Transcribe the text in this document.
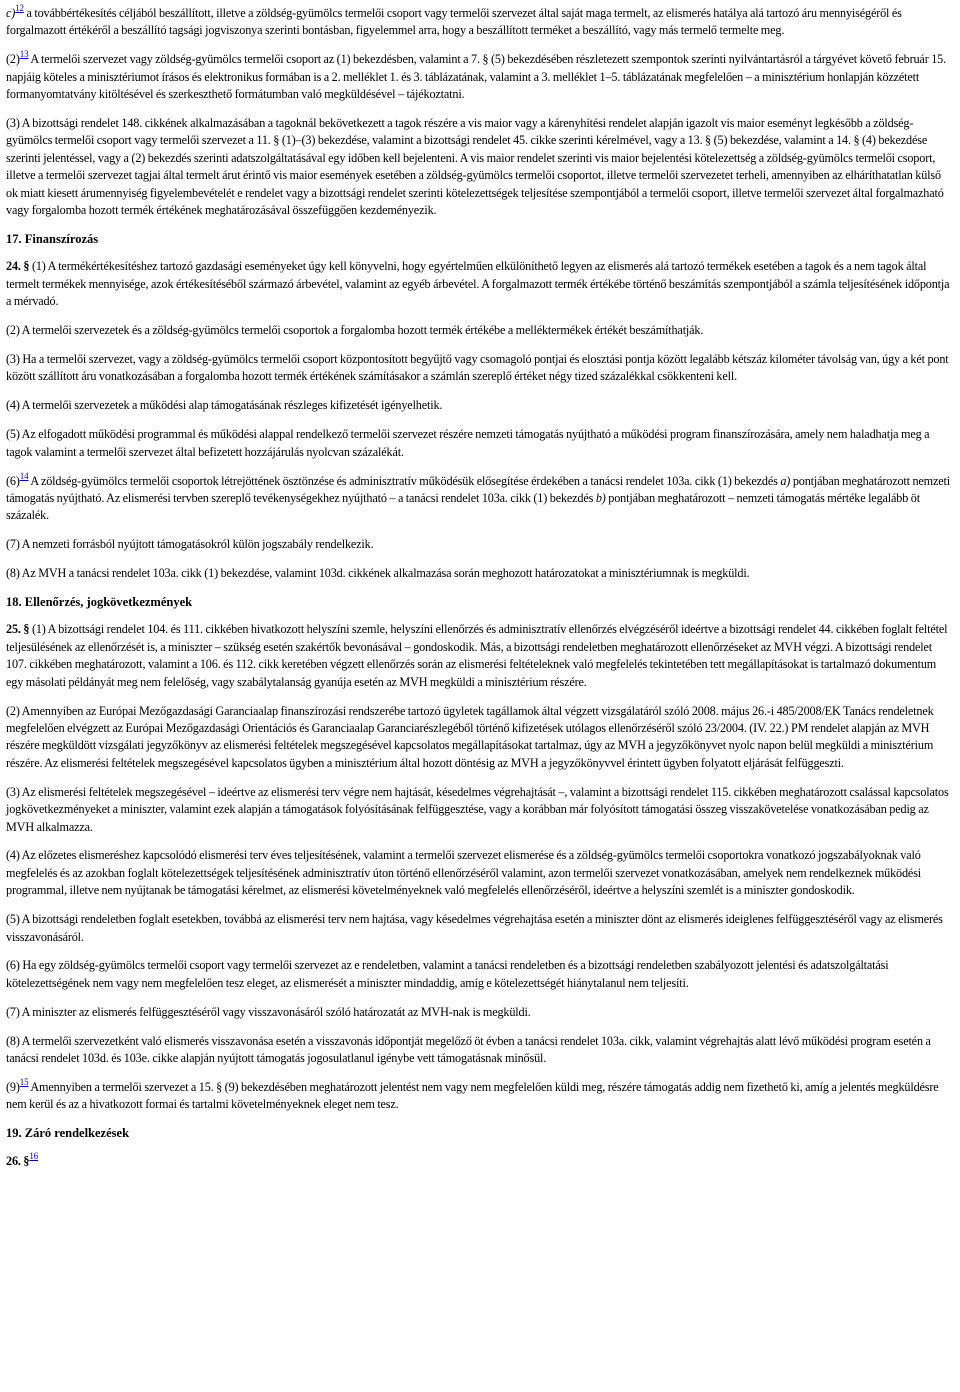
c)$^{12}$ a továbbértékesítés céljából beszállított, illetve a zöldség-gyümölcs termelői csoport vagy termelői szervezet által saját maga termelt, az elismerés hatálya alá tartozó áru mennyiségéről és forgalmazott értékéről a beszállító tagsági jogviszonya szerinti bontásban, figyelemmel arra, hogy a beszállított terméket a beszállító, vagy más termelő termelte meg.

(2)$^{13}$ A termelői szervezet vagy zöldség-gyümölcs termelői csoport az (1) bekezdésben, valamint a 7. § (5) bekezdésében részletezett szempontok szerinti nyilvántartásról a tárgyévet követő február 15. napjáig köteles a minisztériumot írásos és elektronikus formában is a 2. melléklet 1. és 3. táblázatának, valamint a 3. melléklet 1–5. táblázatának megfelelően – a minisztérium honlapján közzétett formanyomtatvány kitöltésével és szerkeszthető formátumban való megküldésével – tájékoztatni.

(3) A bizottsági rendelet 148. cikkének alkalmazásában a tagoknál bekövetkezett a tagok részére a vis maior vagy a kárenyhítési rendelet alapján igazolt vis maior eseményt legkésőbb a zöldség-gyümölcs termelői csoport vagy termelői szervezet a 11. § (1)–(3) bekezdése, valamint a bizottsági rendelet 45. cikke szerinti kérelmével, vagy a 13. § (5) bekezdése, valamint a 14. § (4) bekezdése szerinti jelentéssel, vagy a (2) bekezdés szerinti adatszolgáltatásával egy időben kell bejelenteni. A vis maior rendelet szerinti vis maior bejelentési kötelezettség a zöldség-gyümölcs termelői csoport, illetve a termelői szervezet tagjai által termelt árut érintő vis maior események esetében a zöldség-gyümölcs termelői csoportot, illetve termelői szervezetet terheli, amennyiben az elháríthatatlan külső ok miatt kiesett árumennyiség figyelembevételét e rendelet vagy a bizottsági rendelet szerinti kötelezettségek teljesítése szempontjából a termelői csoport, illetve termelői szervezet által forgalmazható vagy forgalomba hozott termék értékének meghatározásával összefüggően kezdeményezik.

17. Finanszírozás

24. § (1) A termékértékesítéshez tartozó gazdasági eseményeket úgy kell könyvelni, hogy egyértelműen elkülöníthető legyen az elismerés alá tartozó termékek esetében a tagok és a nem tagok által termelt termékek mennyisége, azok értékesítéséből származó árbevétel, valamint az egyéb árbevétel. A forgalmazott termék értékébe történő beszámítás szempontjából a számla teljesítésének időpontja a mérvadó.

(2) A termelői szervezetek és a zöldség-gyümölcs termelői csoportok a forgalomba hozott termék értékébe a melléktermékek értékét beszámíthatják.

(3) Ha a termelői szervezet, vagy a zöldség-gyümölcs termelői csoport központosított begyűjtő vagy csomagoló pontjai és elosztási pontja között legalább kétszáz kilométer távolság van, úgy a két pont között szállított áru vonatkozásában a forgalomba hozott termék értékének számításakor a számlán szereplő értéket négy tized százalékkal csökkenteni kell.

(4) A termelői szervezetek a működési alap támogatásának részleges kifizetését igényelhetik.

(5) Az elfogadott működési programmal és működési alappal rendelkező termelői szervezet részére nemzeti támogatás nyújtható a működési program finanszírozására, amely nem haladhatja meg a tagok valamint a termelői szervezet által befizetett hozzájárulás nyolcvan százalékát.

(6)$^{14}$ A zöldség-gyümölcs termelői csoportok létrejöttének ösztönzése és adminisztratív működésük elősegítése érdekében a tanácsi rendelet 103a. cikk (1) bekezdés a) pontjában meghatározott nemzeti támogatás nyújtható. Az elismerési tervben szereplő tevékenységekhez nyújtható – a tanácsi rendelet 103a. cikk (1) bekezdés b) pontjában meghatározott – nemzeti támogatás mértéke legalább öt százalék.

(7) A nemzeti forrásból nyújtott támogatásokról külön jogszabály rendelkezik.

(8) Az MVH a tanácsi rendelet 103a. cikk (1) bekezdése, valamint 103d. cikkének alkalmazása során meghozott határozatokat a minisztériumnak is megküldi.

18. Ellenőrzés, jogkövetkezmények

25. § (1) A bizottsági rendelet 104. és 111. cikkében hivatkozott helyszíni szemle, helyszíni ellenőrzés és adminisztratív ellenőrzés elvégzéséről ideértve a bizottsági rendelet 44. cikkében foglalt feltétel teljesülésének az ellenőrzését is, a miniszter – szükség esetén szakértők bevonásával – gondoskodik. Más, a bizottsági rendeletben meghatározott ellenőrzéseket az MVH végzi. A bizottsági rendelet 107. cikkében meghatározott, valamint a 106. és 112. cikk keretében végzett ellenőrzés során az elismerési feltételeknek való megfelelés tekintetében tett megállapításokat is tartalmazó dokumentum egy másolati példányát meg nem felelőség, vagy szabálytalanság gyanúja esetén az MVH megküldi a minisztérium részére.

(2) Amennyiben az Európai Mezőgazdasági Garanciaalap finanszírozási rendszerébe tartozó ügyletek tagállamok által végzett vizsgálatáról szóló 2008. május 26.-i 485/2008/EK Tanács rendeletnek megfelelően elvégzett az Európai Mezőgazdasági Orientációs és Garanciaalap Garanciarészlegéből történő kifizetések utólagos ellenőrzéséről szóló 23/2004. (IV. 22.) PM rendelet alapján az MVH részére megküldött vizsgálati jegyzőkönyv az elismerési feltételek megszegésével kapcsolatos megállapításokat tartalmaz, úgy az MVH a jegyzőkönyvet nyolc napon belül megküldi a minisztérium részére. Az elismerési feltételek megszegésével kapcsolatos ügyben a minisztérium által hozott döntésig az MVH a jegyzőkönyvvel érintett ügyben folyatott eljárását felfüggeszti.

(3) Az elismerési feltételek megszegésével – ideértve az elismerési terv végre nem hajtását, késedelmes végrehajtását –, valamint a bizottsági rendelet 115. cikkében meghatározott csalással kapcsolatos jogkövetkezményeket a miniszter, valamint ezek alapján a támogatások folyósításának felfüggesztése, vagy a korábban már folyósított támogatási összeg visszakövetelése vonatkozásában pedig az MVH alkalmazza.

(4) Az előzetes elismeréshez kapcsolódó elismerési terv éves teljesítésének, valamint a termelői szervezet elismerése és a zöldség-gyümölcs termelői csoportokra vonatkozó jogszabályoknak való megfelelés és az azokban foglalt kötelezettségek teljesítésének adminisztratív úton történő ellenőrzéséről valamint, azon termelői szervezet vonatkozásában, amelyek nem rendelkeznek működési programmal, illetve nem nyújtanak be támogatási kérelmet, az elismerési követelményeknek való megfelelés ellenőrzéséről, ideértve a helyszíni szemlét is a miniszter gondoskodik.

(5) A bizottsági rendeletben foglalt esetekben, továbbá az elismerési terv nem hajtása, vagy késedelmes végrehajtása esetén a miniszter dönt az elismerés ideiglenes felfüggesztéséről vagy az elismerés visszavonásáról.

(6) Ha egy zöldség-gyümölcs termelői csoport vagy termelői szervezet az e rendeletben, valamint a tanácsi rendeletben és a bizottsági rendeletben szabályozott jelentési és adatszolgáltatási kötelezettségének nem vagy nem megfelelően tesz eleget, az elismerését a miniszter mindaddig, amíg e kötelezettségét hiánytalanul nem teljesíti.

(7) A miniszter az elismerés felfüggesztéséről vagy visszavonásáról szóló határozatát az MVH-nak is megküldi.

(8) A termelői szervezetként való elismerés visszavonása esetén a visszavonás időpontját megelőző öt évben a tanácsi rendelet 103a. cikk, valamint végrehajtás alatt lévő működési program esetén a tanácsi rendelet 103d. és 103e. cikke alapján nyújtott támogatás jogosulatlanul igénybe vett támogatásnak minősül.

(9)$^{15}$ Amennyiben a termelői szervezet a 15. § (9) bekezdésében meghatározott jelentést nem vagy nem megfelelően küldi meg, részére támogatás addig nem fizethető ki, amíg a jelentés megküldésre nem kerül és az a hivatkozott formai és tartalmi követelményeknek eleget nem tesz.

19. Záró rendelkezések

26. §$^{16}$
